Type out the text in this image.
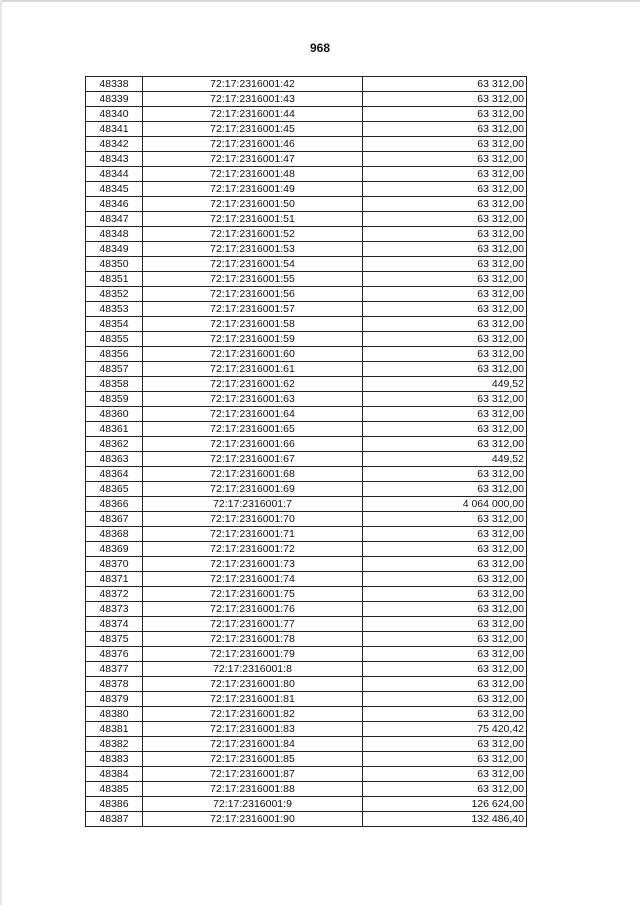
968
48338	72:17:2316001:42	63 312,00
48339	72:17:2316001:43	63 312,00
48340	72:17:2316001:44	63 312,00
48341	72:17:2316001:45	63 312,00
48342	72:17:2316001:46	63 312,00
48343	72:17:2316001:47	63 312,00
48344	72:17:2316001:48	63 312,00
48345	72:17:2316001:49	63 312,00
48346	72:17:2316001:50	63 312,00
48347	72:17:2316001:51	63 312,00
48348	72:17:2316001:52	63 312,00
48349	72:17:2316001:53	63 312,00
48350	72:17:2316001:54	63 312,00
48351	72:17:2316001:55	63 312,00
48352	72:17:2316001:56	63 312,00
48353	72:17:2316001:57	63 312,00
48354	72:17:2316001:58	63 312,00
48355	72:17:2316001:59	63 312,00
48356	72:17:2316001:60	63 312,00
48357	72:17:2316001:61	63 312,00
48358	72:17:2316001:62	449,52
48359	72:17:2316001:63	63 312,00
48360	72:17:2316001:64	63 312,00
48361	72:17:2316001:65	63 312,00
48362	72:17:2316001:66	63 312,00
48363	72:17:2316001:67	449,52
48364	72:17:2316001:68	63 312,00
48365	72:17:2316001:69	63 312,00
48366	72:17:2316001:7	4 064 000,00
48367	72:17:2316001:70	63 312,00
48368	72:17:2316001:71	63 312,00
48369	72:17:2316001:72	63 312,00
48370	72:17:2316001:73	63 312,00
48371	72:17:2316001:74	63 312,00
48372	72:17:2316001:75	63 312,00
48373	72:17:2316001:76	63 312,00
48374	72:17:2316001:77	63 312,00
48375	72:17:2316001:78	63 312,00
48376	72:17:2316001:79	63 312,00
48377	72:17:2316001:8	63 312,00
48378	72:17:2316001:80	63 312,00
48379	72:17:2316001:81	63 312,00
48380	72:17:2316001:82	63 312,00
48381	72:17:2316001:83	75 420,42
48382	72:17:2316001:84	63 312,00
48383	72:17:2316001:85	63 312,00
48384	72:17:2316001:87	63 312,00
48385	72:17:2316001:88	63 312,00
48386	72:17:2316001:9	126 624,00
48387	72:17:2316001:90	132 486,40
